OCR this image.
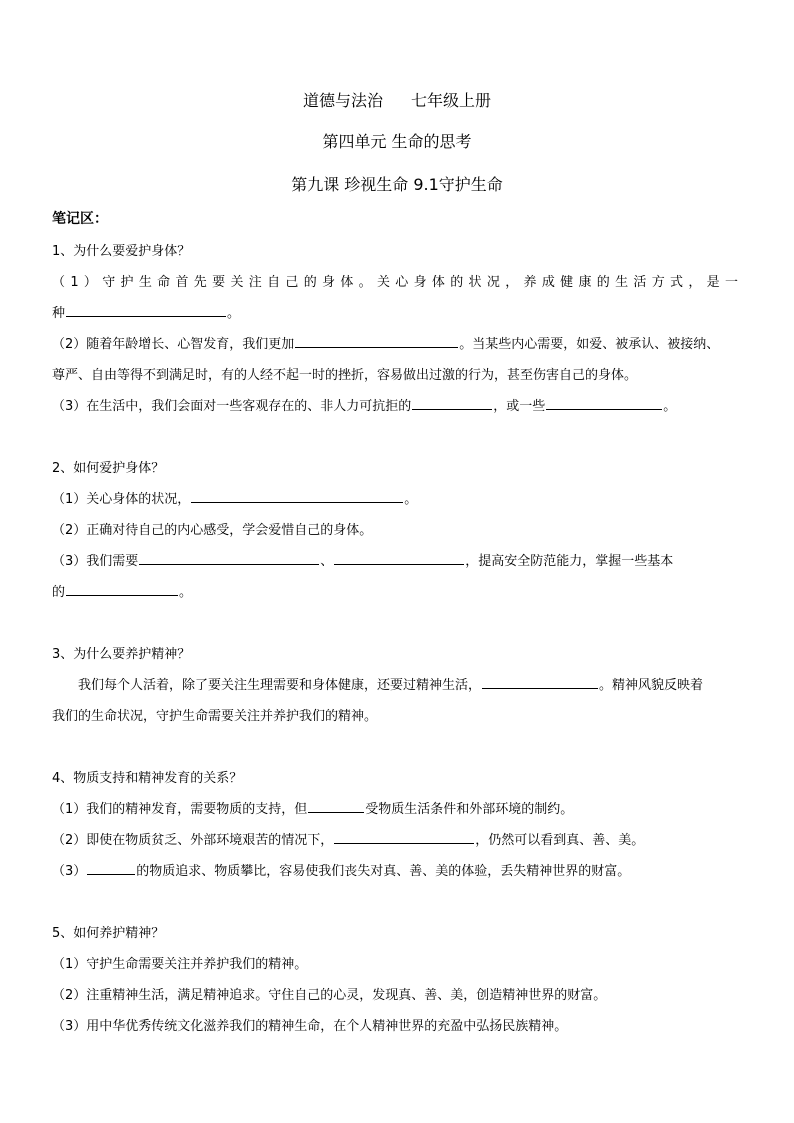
道德与法治 七年级上册
第四单元 生命的思考
第九课 珍视生命 9.1守护生命
笔记区：
1、为什么要爱护身体？
（1）守护生命首先要关注自己的身体。关心身体的状况，养成健康的生活方式，是一
种	。
（2）随着年龄增长、心智发育，我们更加	。当某些内心需要，如爱、被承认、被接纳、
尊严、自由等得不到满足时，有的人经不起一时的挫折，容易做出过激的行为，甚至伤害自己的身体。
（3）在生活中，我们会面对一些客观存在的、非人力可抗拒的	，或一些	。
2、如何爱护身体？
（1）关心身体的状况，	。
（2）正确对待自己的内心感受，学会爱惜自己的身体。
（3）我们需要	、	，提高安全防范能力，掌握一些基本
的	。
3、为什么要养护精神？
我们每个人活着，除了要关注生理需要和身体健康，还要过精神生活，	。精神风貌反映着
我们的生命状况，守护生命需要关注并养护我们的精神。
4、物质支持和精神发育的关系？
（1）我们的精神发育，需要物质的支持，但	受物质生活条件和外部环境的制约。
（2）即使在物质贫乏、外部环境艰苦的情况下，	，仍然可以看到真、善、美。
（3）	的物质追求、物质攀比，容易使我们丧失对真、善、美的体验，丢失精神世界的财富。
5、如何养护精神？
（1）守护生命需要关注并养护我们的精神。
（2）注重精神生活，满足精神追求。守住自己的心灵，发现真、善、美，创造精神世界的财富。
（3）用中华优秀传统文化滋养我们的精神生命，在个人精神世界的充盈中弘扬民族精神。
